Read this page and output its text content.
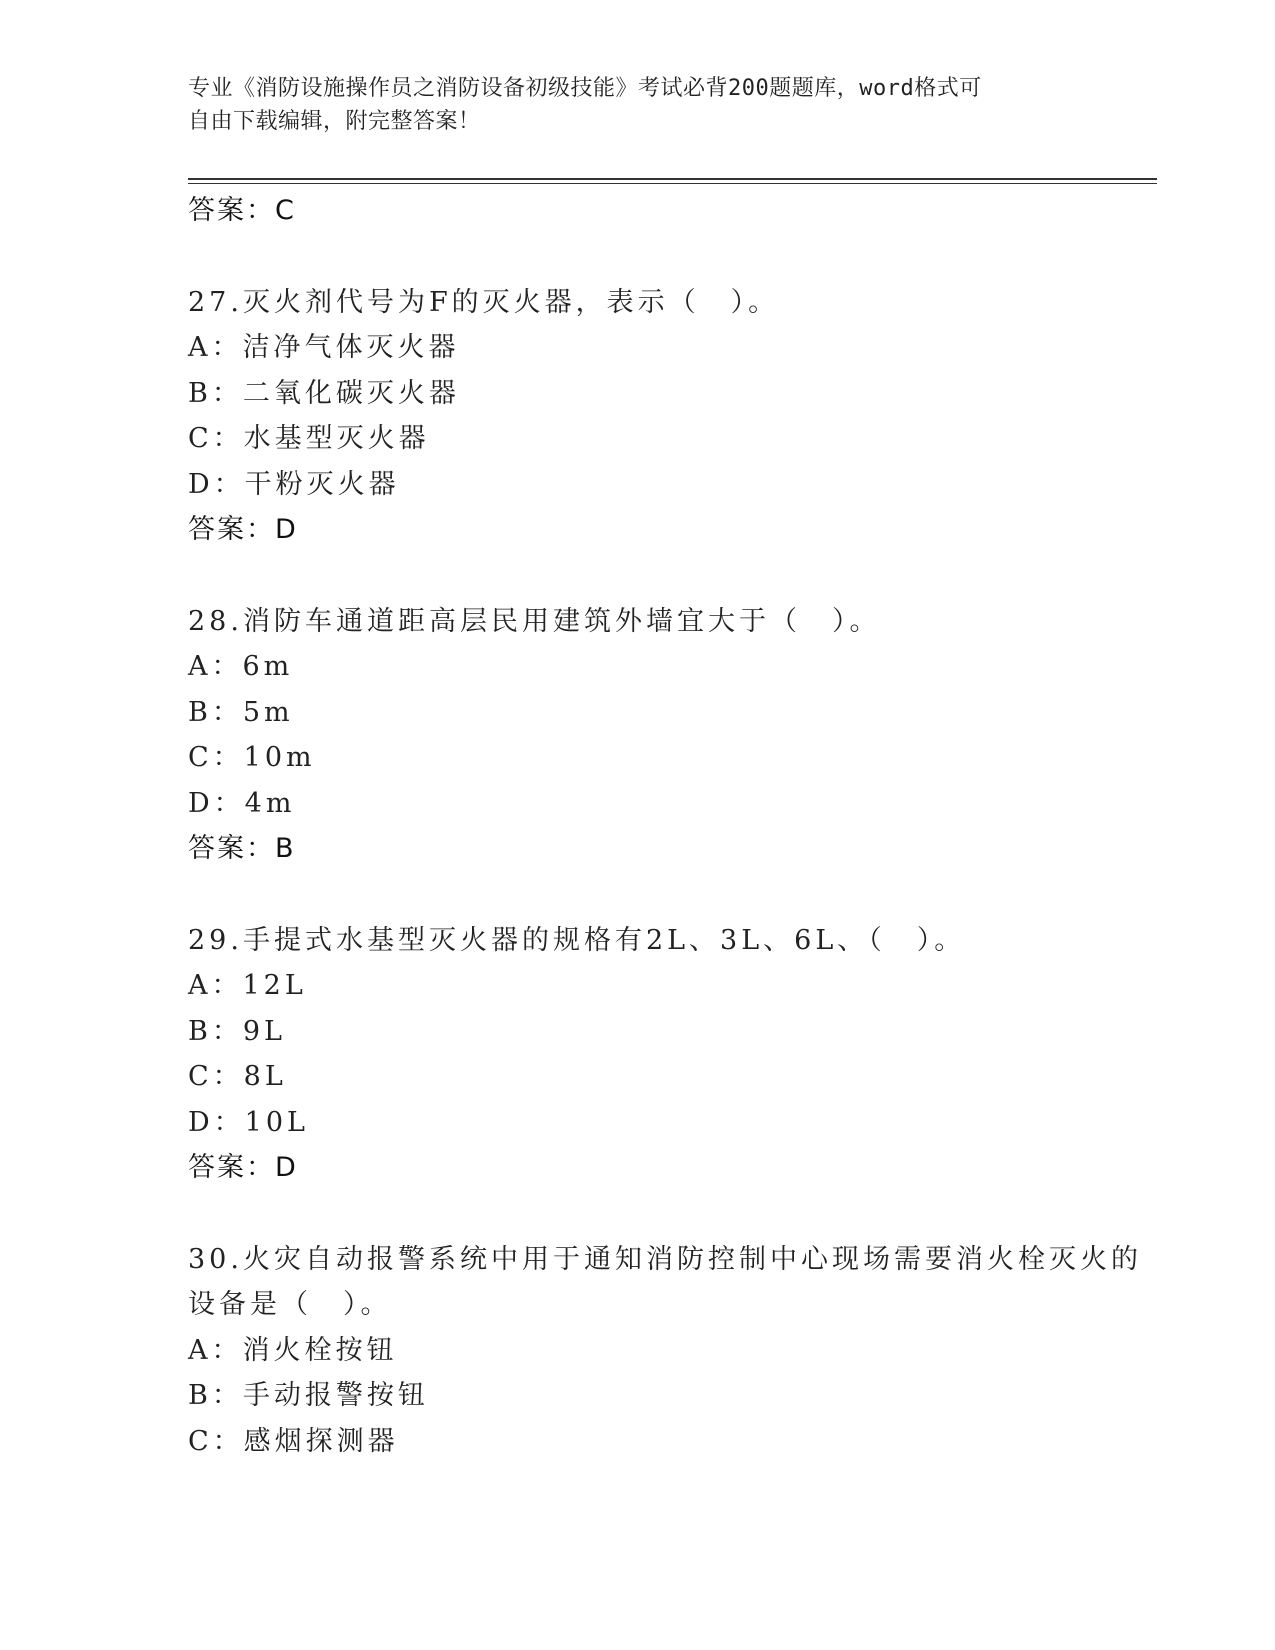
专业《消防设施操作员之消防设备初级技能》考试必背200题题库，word格式可
自由下载编辑，附完整答案！
答案：C
27.灭火剂代号为F的灭火器，表示（　）。
A：洁净气体灭火器
B：二氧化碳灭火器
C：水基型灭火器
D：干粉灭火器
答案：D
28.消防车通道距高层民用建筑外墙宜大于（　）。
A：6m
B：5m
C：10m
D：4m
答案：B
29.手提式水基型灭火器的规格有2L、3L、6L、（　）。
A：12L
B：9L
C：8L
D：10L
答案：D
30.火灾自动报警系统中用于通知消防控制中心现场需要消火栓灭火的
设备是（　）。
A：消火栓按钮
B：手动报警按钮
C：感烟探测器
